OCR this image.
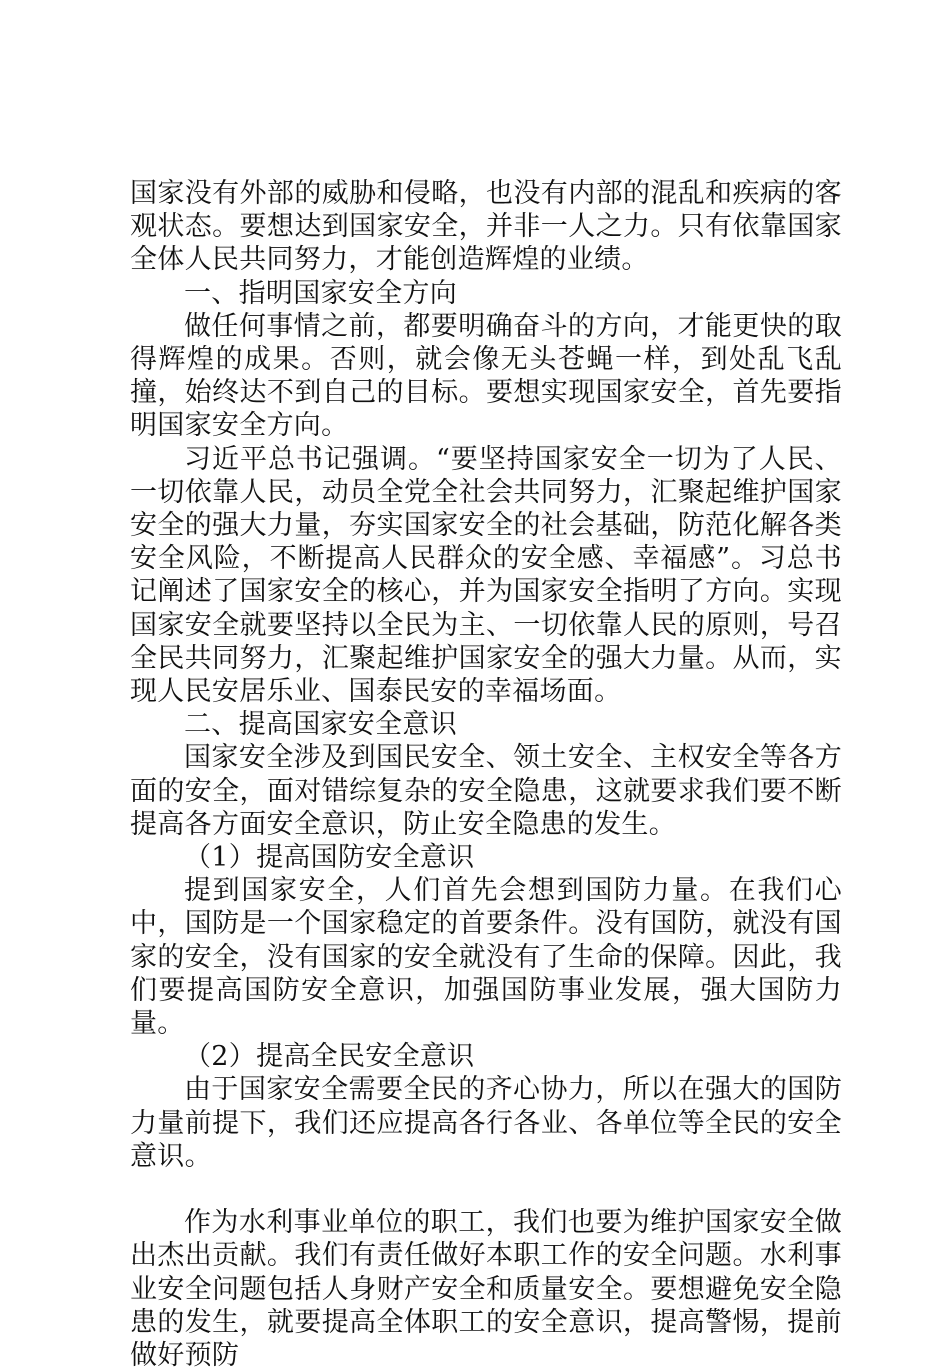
国家没有外部的威胁和侵略，也没有内部的混乱和疾病的客观状态。要想达到国家安全，并非一人之力。只有依靠国家全体人民共同努力，才能创造辉煌的业绩。

一、指明国家安全方向

做任何事情之前，都要明确奋斗的方向，才能更快的取得辉煌的成果。否则，就会像无头苍蝇一样，到处乱飞乱撞，始终达不到自己的目标。要想实现国家安全，首先要指明国家安全方向。

习近平总书记强调。“要坚持国家安全一切为了人民、一切依靠人民，动员全党全社会共同努力，汇聚起维护国家安全的强大力量，夯实国家安全的社会基础，防范化解各类安全风险，不断提高人民群众的安全感、幸福感”。习总书记阐述了国家安全的核心，并为国家安全指明了方向。实现国家安全就要坚持以全民为主、一切依靠人民的原则，号召全民共同努力，汇聚起维护国家安全的强大力量。从而，实现人民安居乐业、国泰民安的幸福场面。

二、提高国家安全意识

国家安全涉及到国民安全、领土安全、主权安全等各方面的安全，面对错综复杂的安全隐患，这就要求我们要不断提高各方面安全意识，防止安全隐患的发生。

（1）提高国防安全意识

提到国家安全，人们首先会想到国防力量。在我们心中，国防是一个国家稳定的首要条件。没有国防，就没有国家的安全，没有国家的安全就没有了生命的保障。因此，我们要提高国防安全意识，加强国防事业发展，强大国防力量。

（2）提高全民安全意识

由于国家安全需要全民的齐心协力，所以在强大的国防力量前提下，我们还应提高各行各业、各单位等全民的安全意识。

作为水利事业单位的职工，我们也要为维护国家安全做出杰出贡献。我们有责任做好本职工作的安全问题。水利事业安全问题包括人身财产安全和质量安全。要想避免安全隐患的发生，就要提高全体职工的安全意识，提高警惕，提前做好预防
